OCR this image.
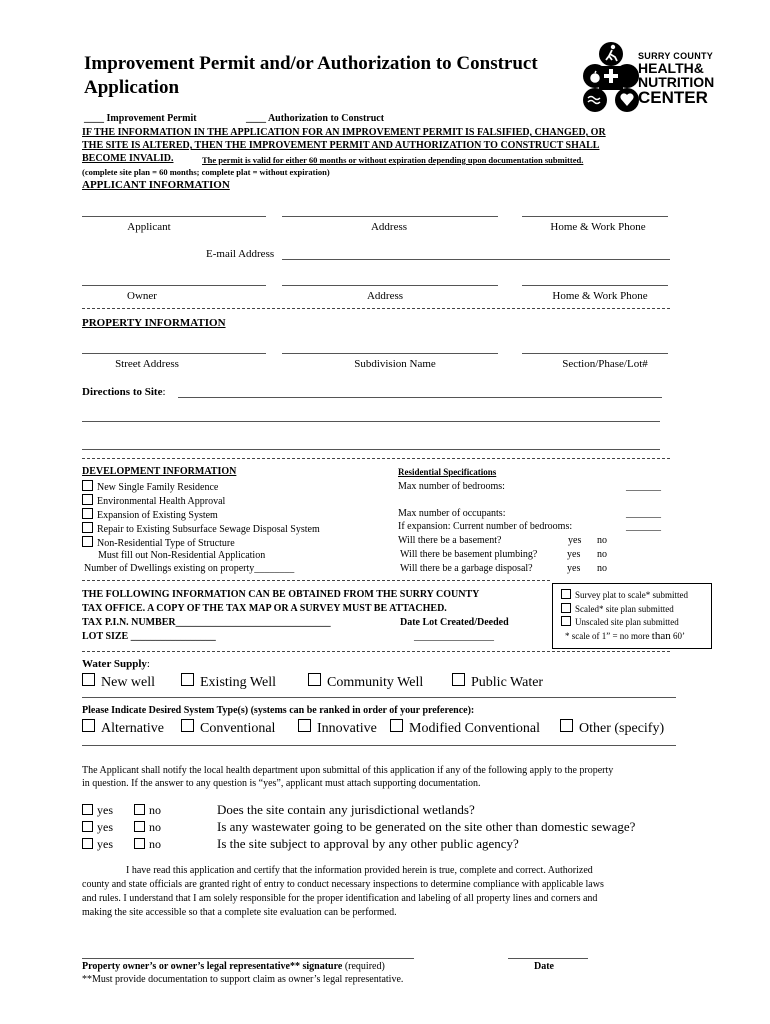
Improvement Permit and/or Authorization to Construct
Application
SURRY COUNTY
HEALTH&
NUTRITION
CENTER
____ Improvement Permit	____ Authorization to Construct
IF THE INFORMATION IN THE APPLICATION FOR AN IMPROVEMENT PERMIT IS FALSIFIED, CHANGED, OR
THE SITE IS ALTERED, THEN THE IMPROVEMENT PERMIT AND AUTHORIZATION TO CONSTRUCT SHALL
BECOME INVALID.	The permit is valid for either 60 months or without expiration depending upon documentation submitted.
(complete site plan = 60 months; complete plat = without expiration)
APPLICANT INFORMATION
Applicant	Address	Home & Work Phone
E-mail Address
Owner	Address	Home & Work Phone
PROPERTY INFORMATION
Street Address	Subdivision Name	Section/Phase/Lot#
Directions to Site:
DEVELOPMENT INFORMATION
New Single Family Residence
Environmental Health Approval
Expansion of Existing System
Repair to Existing Subsurface Sewage Disposal System
Non-Residential Type of Structure
Must fill out Non-Residential Application
Number of Dwellings existing on property________
Residential Specifications
Max number of bedrooms:	_______
Max number of occupants:	_______
If expansion: Current number of bedrooms:	_______
Will there be a basement?	yes no
Will there be basement plumbing?	yes no
Will there be a garbage disposal?	yes no
THE FOLLOWING INFORMATION CAN BE OBTAINED FROM THE SURRY COUNTY
TAX OFFICE. A COPY OF THE TAX MAP OR A SURVEY MUST BE ATTACHED.
TAX P.I.N. NUMBER_______________________________	Date Lot Created/Deeded
LOT SIZE _________________	________________
Survey plat to scale* submitted
Scaled* site plan submitted
Unscaled site plan submitted
* scale of 1” = no more than 60’
Water Supply:
New well	Existing Well	Community Well	Public Water
Please Indicate Desired System Type(s) (systems can be ranked in order of your preference):
Alternative	Conventional	Innovative	Modified Conventional	Other (specify)
The Applicant shall notify the local health department upon submittal of this application if any of the following apply to the property
in question. If the answer to any question is “yes”, applicant must attach supporting documentation.
yes	no	Does the site contain any jurisdictional wetlands?
yes	no	Is any wastewater going to be generated on the site other than domestic sewage?
yes	no	Is the site subject to approval by any other public agency?
I have read this application and certify that the information provided herein is true, complete and correct. Authorized
county and state officials are granted right of entry to conduct necessary inspections to determine compliance with applicable laws
and rules. I understand that I am solely responsible for the proper identification and labeling of all property lines and corners and
making the site accessible so that a complete site evaluation can be performed.
Property owner’s or owner’s legal representative** signature (required)	Date
**Must provide documentation to support claim as owner’s legal representative.
